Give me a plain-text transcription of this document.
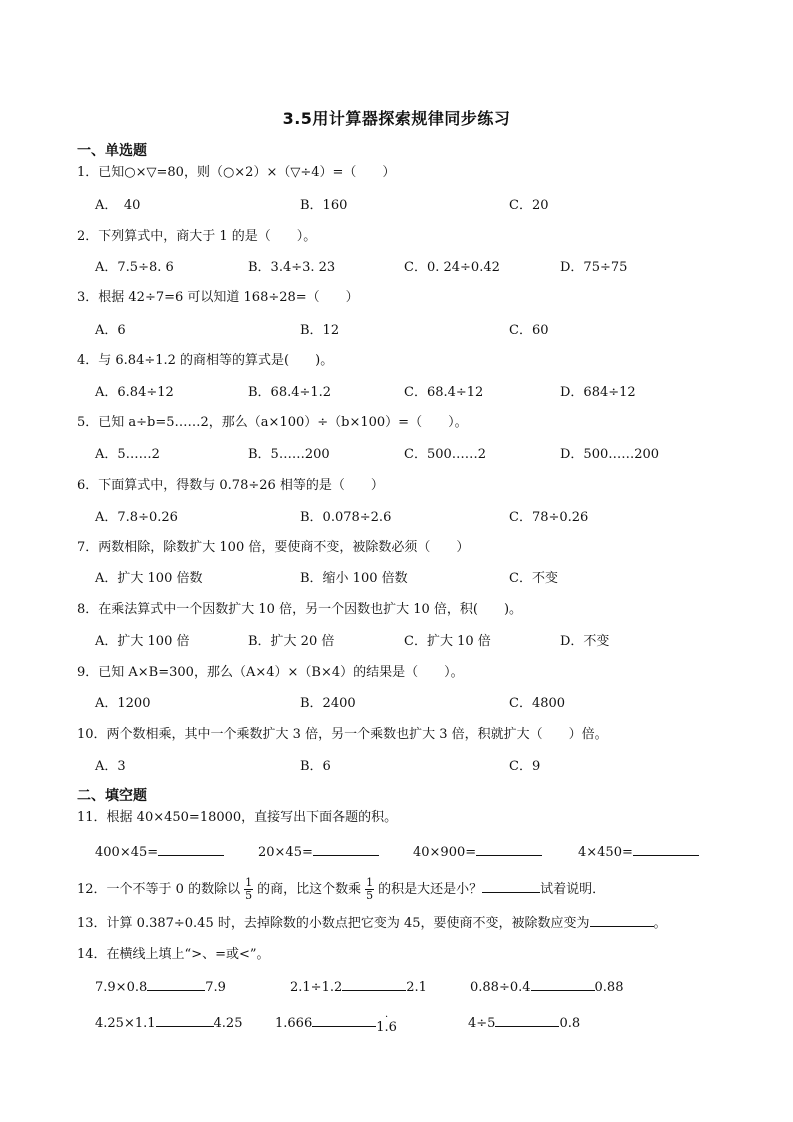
3.5用计算器探索规律同步练习
一、单选题
1．已知○×▽=80，则（○×2）×（▽÷4）=（　　）
A．　40	B．160	C．20
2．下列算式中，商大于 1 的是（　　）。
A．7.5÷8. 6	B．3.4÷3. 23	C．0. 24÷0.42	D．75÷75
3．根据 42÷7=6 可以知道 168÷28=（　　）
A．6	B．12	C．60
4．与 6.84÷1.2 的商相等的算式是(　　)。
A．6.84÷12	B．68.4÷1.2	C．68.4÷12	D．684÷12
5．已知 a÷b=5……2，那么（a×100）÷（b×100）=（　　）。
A．5……2	B．5……200	C．500……2	D．500……200
6．下面算式中，得数与 0.78÷26 相等的是（　　）
A．7.8÷0.26	B．0.078÷2.6	C．78÷0.26
7．两数相除，除数扩大 100 倍，要使商不变，被除数必须（　　）
A．扩大 100 倍数	B．缩小 100 倍数	C．不变
8．在乘法算式中一个因数扩大 10 倍，另一个因数也扩大 10 倍，积(　　)。
A．扩大 100 倍	B．扩大 20 倍	C．扩大 10 倍	D．不变
9．已知 A×B=300，那么（A×4）×（B×4）的结果是（　　）。
A．1200	B．2400	C．4800
10．两个数相乘，其中一个乘数扩大 3 倍，另一个乘数也扩大 3 倍，积就扩大（　　）倍。
A．3	B．6	C．9
二、填空题
11．根据 40×450=18000，直接写出下面各题的积。
400×45=	20×45=	40×900=	4×450=
12．一个不等于 0 的数除以 $\frac{1}{5}$ 的商，比这个数乘 $\frac{1}{5}$ 的积是大还是小？	试着说明．
13．计算 0.387÷0.45 时，去掉除数的小数点把它变为 45，要使商不变，被除数应变为	。
14．在横线上填上“>、=或<”。
7.9×0.8	7.9	2.1÷1.2	2.1	0.88÷0.4	0.88
4.25×1.1	4.25	1.666	·
1.6	4÷5	0.8
